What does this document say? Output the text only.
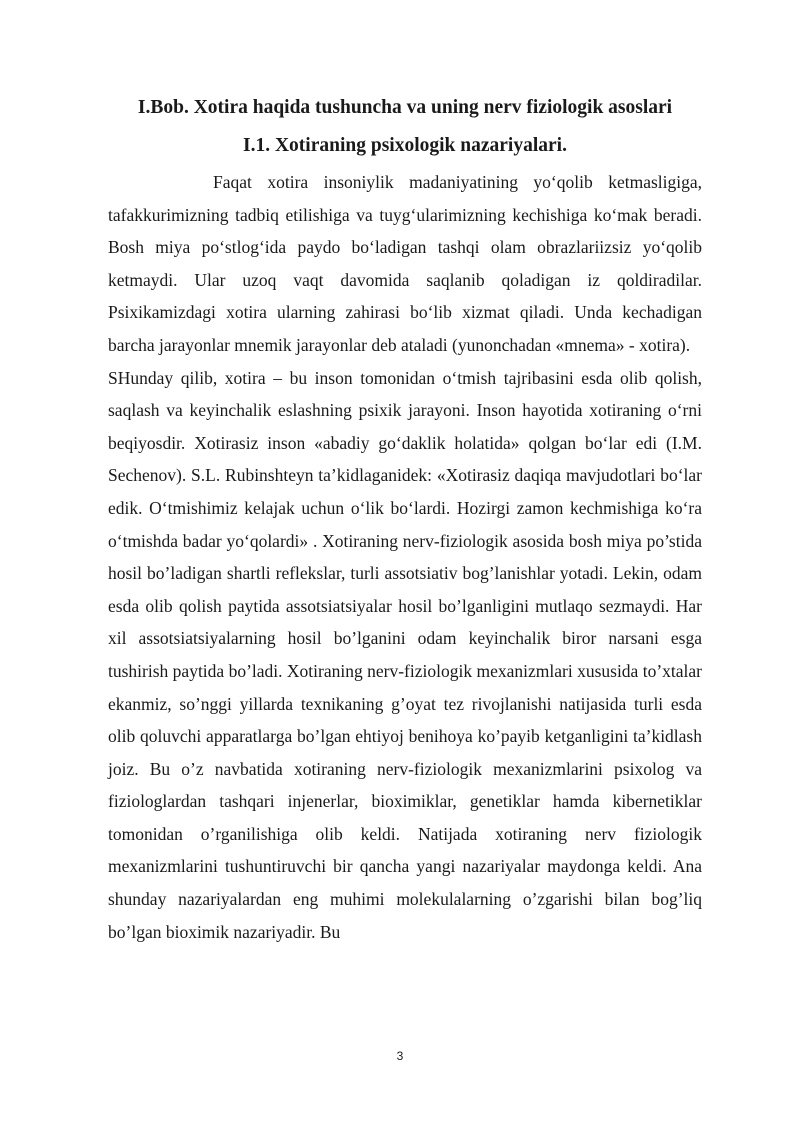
I.Bob. Xotira haqida tushuncha va uning nerv fiziologik asoslari
I.1. Xotiraning psixologik nazariyalari.

Faqat xotira insoniylik madaniyatining yo‘qolib ketmasligiga, tafakkurimizning tadbiq etilishiga va tuyg‘ularimizning kechishiga ko‘mak beradi. Bosh miya po‘stlog‘ida paydo bo‘ladigan tashqi olam obrazlariizsiz yo‘qolib ketmaydi. Ular uzoq vaqt davomida saqlanib qoladigan iz qoldiradilar. Psixikamizdagi xotira ularning zahirasi bo‘lib xizmat qiladi. Unda kechadigan barcha jarayonlar mnemik jarayonlar deb ataladi (yunonchadan «mnema» - xotira).

SHunday qilib, xotira – bu inson tomonidan o‘tmish tajribasini esda olib qolish, saqlash va keyinchalik eslashning psixik jarayoni. Inson hayotida xotiraning o‘rni beqiyosdir. Xotirasiz inson «abadiy go‘daklik holatida» qolgan bo‘lar edi (I.M. Sechenov). S.L. Rubinshteyn ta’kidlaganidek: «Xotirasiz daqiqa mavjudotlari bo‘lar edik. O‘tmishimiz kelajak uchun o‘lik bo‘lardi. Hozirgi zamon kechmishiga ko‘ra o‘tmishda badar yo‘qolardi» . Xotiraning nerv-fiziologik asosida bosh miya po’stida hosil bo’ladigan shartli reflekslar, turli assotsiativ bog’lanishlar yotadi. Lekin, odam esda olib qolish paytida assotsiatsiyalar hosil bo’lganligini mutlaqo sezmaydi. Har xil assotsiatsiyalarning hosil bo’lganini odam keyinchalik biror narsani esga tushirish paytida bo’ladi. Xotiraning nerv-fiziologik mexanizmlari xususida to’xtalar ekanmiz, so’nggi yillarda texnikaning g’oyat tez rivojlanishi natijasida turli esda olib qoluvchi apparatlarga bo’lgan ehtiyoj benihoya ko’payib ketganligini ta’kidlash joiz. Bu o’z navbatida xotiraning nerv-fiziologik mexanizmlarini psixolog va fiziologlardan tashqari injenerlar, bioximiklar, genetiklar hamda kibernetiklar tomonidan o’rganilishiga olib keldi. Natijada xotiraning nerv fiziologik mexanizmlarini tushuntiruvchi bir qancha yangi nazariyalar maydonga keldi. Ana shunday nazariyalardan eng muhimi molekulalarning o’zgarishi bilan bog’liq bo’lgan bioximik nazariyadir. Bu

3
